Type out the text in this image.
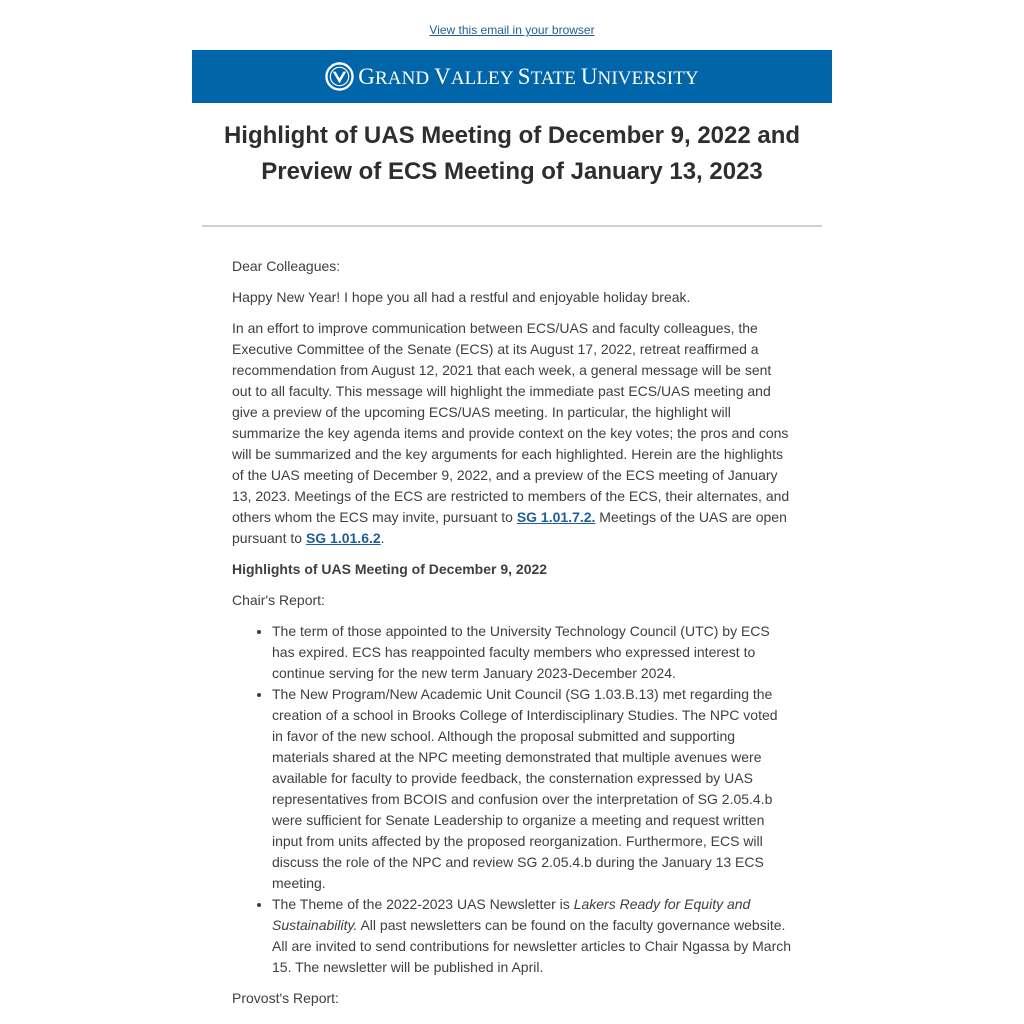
View this email in your browser
GRAND VALLEY STATE UNIVERSITY
Highlight of UAS Meeting of December 9, 2022 and
Preview of ECS Meeting of January 13, 2023

Dear Colleagues:

Happy New Year! I hope you all had a restful and enjoyable holiday break.

In an effort to improve communication between ECS/UAS and faculty colleagues, the Executive Committee of the Senate (ECS) at its August 17, 2022, retreat reaffirmed a recommendation from August 12, 2021 that each week, a general message will be sent out to all faculty. This message will highlight the immediate past ECS/UAS meeting and give a preview of the upcoming ECS/UAS meeting. In particular, the highlight will summarize the key agenda items and provide context on the key votes; the pros and cons will be summarized and the key arguments for each highlighted. Herein are the highlights of the UAS meeting of December 9, 2022, and a preview of the ECS meeting of January 13, 2023. Meetings of the ECS are restricted to members of the ECS, their alternates, and others whom the ECS may invite, pursuant to SG 1.01.7.2. Meetings of the UAS are open pursuant to SG 1.01.6.2.

Highlights of UAS Meeting of December 9, 2022

Chair's Report:

• The term of those appointed to the University Technology Council (UTC) by ECS has expired. ECS has reappointed faculty members who expressed interest to continue serving for the new term January 2023-December 2024.
• The New Program/New Academic Unit Council (SG 1.03.B.13) met regarding the creation of a school in Brooks College of Interdisciplinary Studies. The NPC voted in favor of the new school. Although the proposal submitted and supporting materials shared at the NPC meeting demonstrated that multiple avenues were available for faculty to provide feedback, the consternation expressed by UAS representatives from BCOIS and confusion over the interpretation of SG 2.05.4.b were sufficient for Senate Leadership to organize a meeting and request written input from units affected by the proposed reorganization. Furthermore, ECS will discuss the role of the NPC and review SG 2.05.4.b during the January 13 ECS meeting.
• The Theme of the 2022-2023 UAS Newsletter is Lakers Ready for Equity and Sustainability. All past newsletters can be found on the faculty governance website. All are invited to send contributions for newsletter articles to Chair Ngassa by March 15. The newsletter will be published in April.

Provost's Report:
